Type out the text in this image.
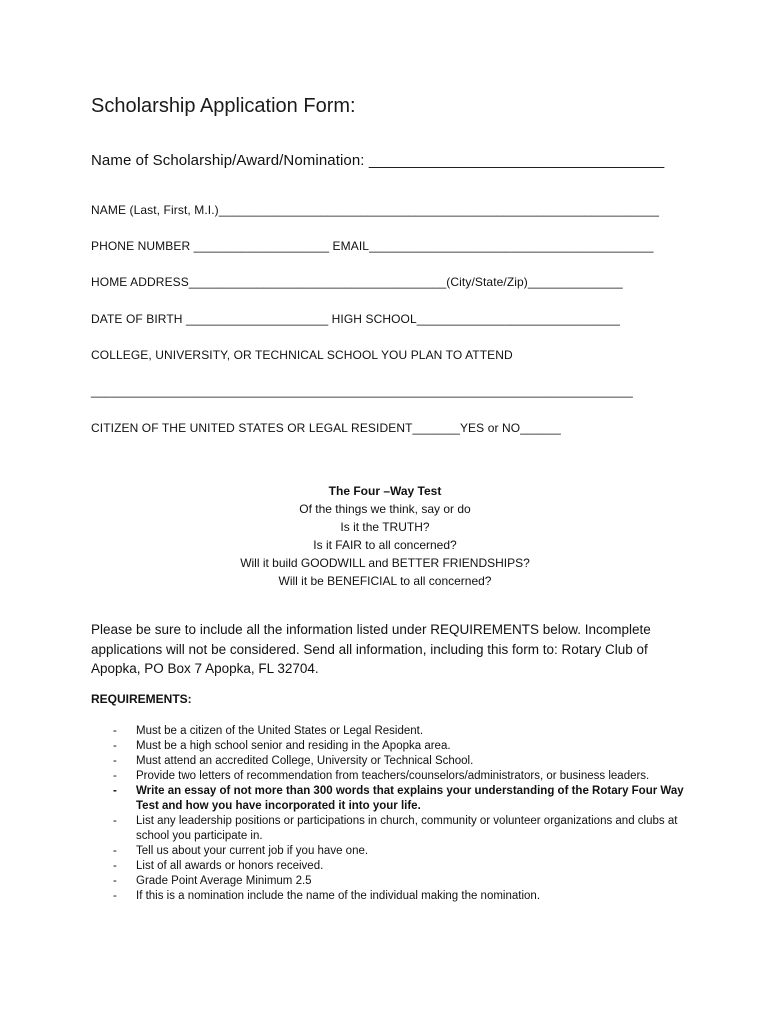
Scholarship Application Form:
Name of Scholarship/Award/Nomination: ___________________________________
NAME (Last, First, M.I.)_________________________________________________________________
PHONE NUMBER ____________________ EMAIL__________________________________________
HOME ADDRESS______________________________________(City/State/Zip)______________
DATE OF BIRTH _____________________ HIGH SCHOOL______________________________
COLLEGE, UNIVERSITY, OR TECHNICAL SCHOOL YOU PLAN TO ATTEND
________________________________________________________________________________
CITIZEN OF THE UNITED STATES OR LEGAL RESIDENT_______YES or NO______
The Four –Way Test
Of the things we think, say or do
Is it the TRUTH?
Is it FAIR to all concerned?
Will it build GOODWILL and BETTER FRIENDSHIPS?
Will it be BENEFICIAL to all concerned?
Please be sure to include all the information listed under REQUIREMENTS below. Incomplete applications will not be considered. Send all information, including this form to: Rotary Club of Apopka, PO Box 7 Apopka, FL 32704.
REQUIREMENTS:
- Must be a citizen of the United States or Legal Resident.
- Must be a high school senior and residing in the Apopka area.
- Must attend an accredited College, University or Technical School.
- Provide two letters of recommendation from teachers/counselors/administrators, or business leaders.
- Write an essay of not more than 300 words that explains your understanding of the Rotary Four Way Test and how you have incorporated it into your life.
- List any leadership positions or participations in church, community or volunteer organizations and clubs at school you participate in.
- Tell us about your current job if you have one.
- List of all awards or honors received.
- Grade Point Average Minimum 2.5
- If this is a nomination include the name of the individual making the nomination.
